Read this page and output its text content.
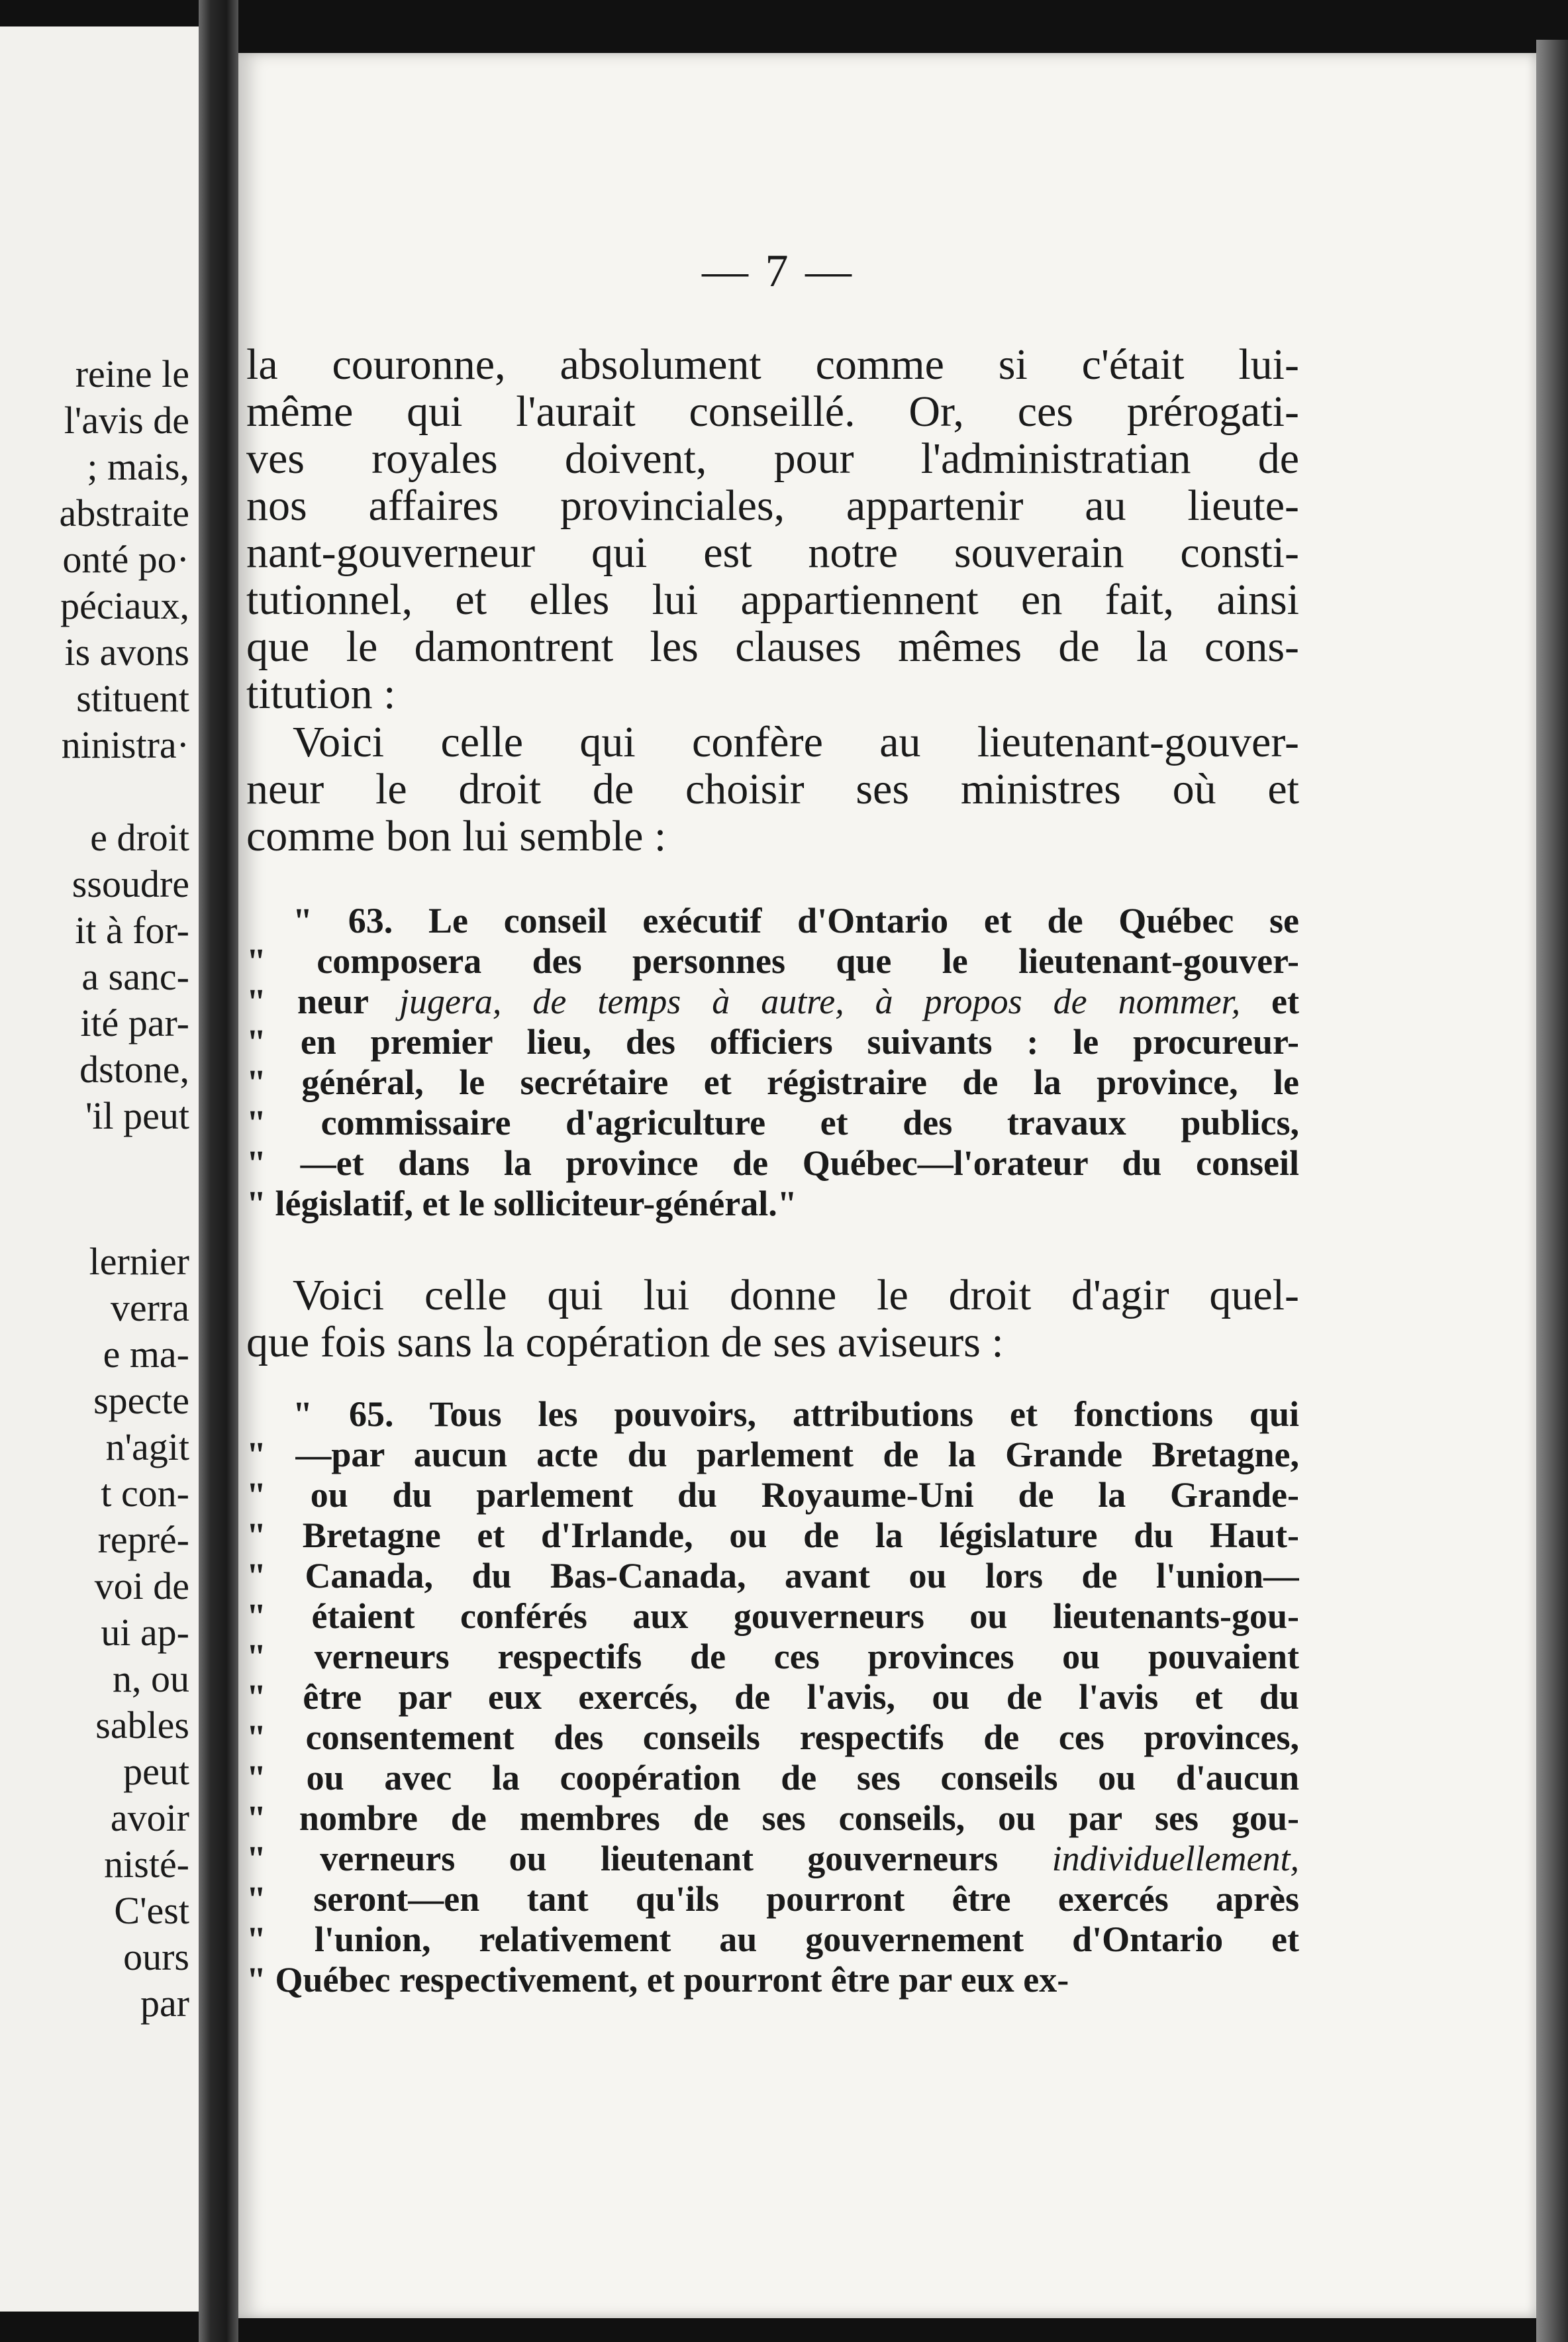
reine le
l'avis de
; mais,
abstraite
onté po·
péciaux,
is avons
stituent
ninistra·
e droit
ssoudre
it à for-
a sanc-
ité par-
dstone,
'il peut
lernier
verra
e ma-
specte
n'agit
t con-
repré-
voi de
ui ap-
n, ou
sables
peut
avoir
nisté-
C'est
ours
par
— 7 —
la couronne, absolument comme si c'était lui-
même qui l'aurait conseillé. Or, ces prérogati-
ves royales doivent, pour l'administratian de
nos affaires provinciales, appartenir au lieute-
nant-gouverneur qui est notre souverain consti-
tutionnel, et elles lui appartiennent en fait, ainsi
que le damontrent les clauses mêmes de la cons-
titution :
Voici celle qui confère au lieutenant-gouver-
neur le droit de choisir ses ministres où et
comme bon lui semble :
" 63. Le conseil exécutif d'Ontario et de Québec se
" composera des personnes que le lieutenant-gouver-
" neur jugera, de temps à autre, à propos de nommer, et
" en premier lieu, des officiers suivants : le procureur-
" général, le secrétaire et régistraire de la province, le
" commissaire d'agriculture et des travaux publics,
" —et dans la province de Québec—l'orateur du conseil
" législatif, et le solliciteur-général."
Voici celle qui lui donne le droit d'agir quel-
que fois sans la copération de ses aviseurs :
" 65. Tous les pouvoirs, attributions et fonctions qui
" —par aucun acte du parlement de la Grande Bretagne,
" ou du parlement du Royaume-Uni de la Grande-
" Bretagne et d'Irlande, ou de la législature du Haut-
" Canada, du Bas-Canada, avant ou lors de l'union—
" étaient conférés aux gouverneurs ou lieutenants-gou-
" verneurs respectifs de ces provinces ou pouvaient
" être par eux exercés, de l'avis, ou de l'avis et du
" consentement des conseils respectifs de ces provinces,
" ou avec la coopération de ses conseils ou d'aucun
" nombre de membres de ses conseils, ou par ses gou-
" verneurs ou lieutenant gouverneurs individuellement,
" seront—en tant qu'ils pourront être exercés après
" l'union, relativement au gouvernement d'Ontario et
" Québec respectivement, et pourront être par eux ex-
